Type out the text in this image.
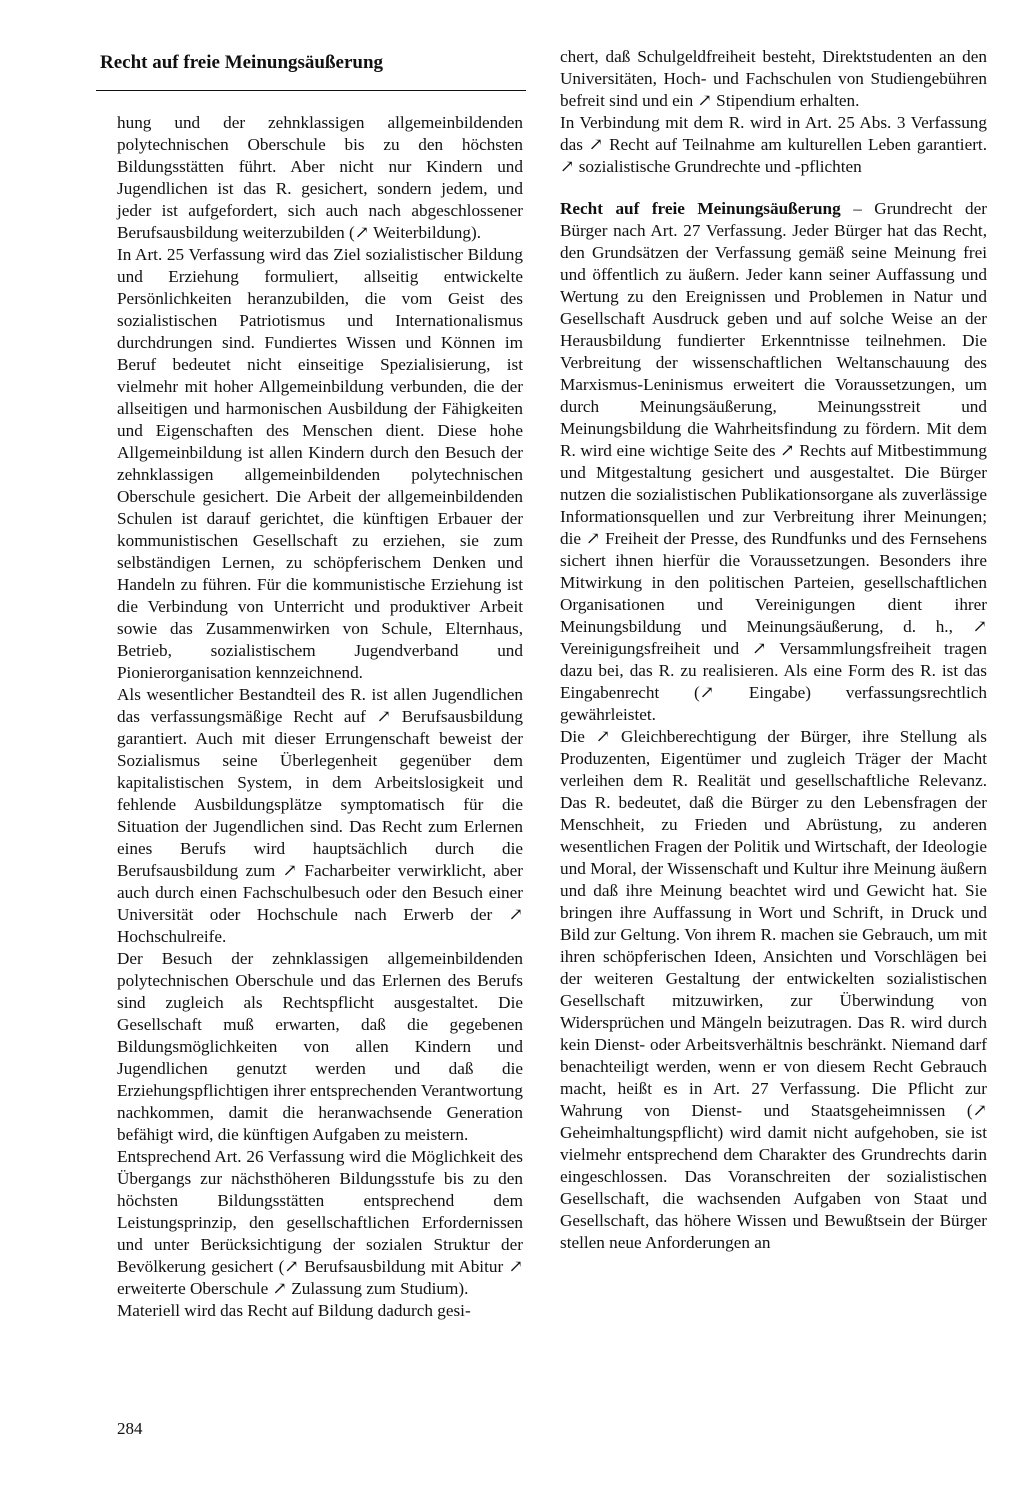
Recht auf freie Meinungsäußerung

hung und der zehnklassigen allgemeinbildenden polytechnischen Oberschule bis zu den höchsten Bildungsstätten führt. Aber nicht nur Kindern und Jugendlichen ist das R. gesichert, sondern jedem, und jeder ist aufgefordert, sich auch nach abgeschlossener Berufsausbildung weiterzubilden (↗ Weiterbildung).

In Art. 25 Verfassung wird das Ziel sozialistischer Bildung und Erziehung formuliert, allseitig entwickelte Persönlichkeiten heranzubilden, die vom Geist des sozialistischen Patriotismus und Internationalismus durchdrungen sind. Fundiertes Wissen und Können im Beruf bedeutet nicht einseitige Spezialisierung, ist vielmehr mit hoher Allgemeinbildung verbunden, die der allseitigen und harmonischen Ausbildung der Fähigkeiten und Eigenschaften des Menschen dient. Diese hohe Allgemeinbildung ist allen Kindern durch den Besuch der zehnklassigen allgemeinbildenden polytechnischen Oberschule gesichert. Die Arbeit der allgemeinbildenden Schulen ist darauf gerichtet, die künftigen Erbauer der kommunistischen Gesellschaft zu erziehen, sie zum selbständigen Lernen, zu schöpferischem Denken und Handeln zu führen. Für die kommunistische Erziehung ist die Verbindung von Unterricht und produktiver Arbeit sowie das Zusammenwirken von Schule, Elternhaus, Betrieb, sozialistischem Jugendverband und Pionierorganisation kennzeichnend.

Als wesentlicher Bestandteil des R. ist allen Jugendlichen das verfassungsmäßige Recht auf ↗ Berufsausbildung garantiert. Auch mit dieser Errungenschaft beweist der Sozialismus seine Überlegenheit gegenüber dem kapitalistischen System, in dem Arbeitslosigkeit und fehlende Ausbildungsplätze symptomatisch für die Situation der Jugendlichen sind. Das Recht zum Erlernen eines Berufs wird hauptsächlich durch die Berufsausbildung zum ↗ Facharbeiter verwirklicht, aber auch durch einen Fachschulbesuch oder den Besuch einer Universität oder Hochschule nach Erwerb der ↗ Hochschulreife.

Der Besuch der zehnklassigen allgemeinbildenden polytechnischen Oberschule und das Erlernen des Berufs sind zugleich als Rechtspflicht ausgestaltet. Die Gesellschaft muß erwarten, daß die gegebenen Bildungsmöglichkeiten von allen Kindern und Jugendlichen genutzt werden und daß die Erziehungspflichtigen ihrer entsprechenden Verantwortung nachkommen, damit die heranwachsende Generation befähigt wird, die künftigen Aufgaben zu meistern.

Entsprechend Art. 26 Verfassung wird die Möglichkeit des Übergangs zur nächsthöheren Bildungsstufe bis zu den höchsten Bildungsstätten entsprechend dem Leistungsprinzip, den gesellschaftlichen Erfordernissen und unter Berücksichtigung der sozialen Struktur der Bevölkerung gesichert (↗ Berufsausbildung mit Abitur ↗ erweiterte Oberschule ↗ Zulassung zum Studium).

Materiell wird das Recht auf Bildung dadurch gesi-

chert, daß Schulgeldfreiheit besteht, Direktstudenten an den Universitäten, Hoch- und Fachschulen von Studiengebühren befreit sind und ein ↗ Stipendium erhalten.

In Verbindung mit dem R. wird in Art. 25 Abs. 3 Verfassung das ↗ Recht auf Teilnahme am kulturellen Leben garantiert. ↗ sozialistische Grundrechte und -pflichten

Recht auf freie Meinungsäußerung – Grundrecht der Bürger nach Art. 27 Verfassung. Jeder Bürger hat das Recht, den Grundsätzen der Verfassung gemäß seine Meinung frei und öffentlich zu äußern. Jeder kann seiner Auffassung und Wertung zu den Ereignissen und Problemen in Natur und Gesellschaft Ausdruck geben und auf solche Weise an der Herausbildung fundierter Erkenntnisse teilnehmen. Die Verbreitung der wissenschaftlichen Weltanschauung des Marxismus-Leninismus erweitert die Voraussetzungen, um durch Meinungsäußerung, Meinungsstreit und Meinungsbildung die Wahrheitsfindung zu fördern. Mit dem R. wird eine wichtige Seite des ↗ Rechts auf Mitbestimmung und Mitgestaltung gesichert und ausgestaltet. Die Bürger nutzen die sozialistischen Publikationsorgane als zuverlässige Informationsquellen und zur Verbreitung ihrer Meinungen; die ↗ Freiheit der Presse, des Rundfunks und des Fernsehens sichert ihnen hierfür die Voraussetzungen. Besonders ihre Mitwirkung in den politischen Parteien, gesellschaftlichen Organisationen und Vereinigungen dient ihrer Meinungsbildung und Meinungsäußerung, d. h., ↗ Vereinigungsfreiheit und ↗ Versammlungsfreiheit tragen dazu bei, das R. zu realisieren. Als eine Form des R. ist das Eingabenrecht (↗ Eingabe) verfassungsrechtlich gewährleistet.

Die ↗ Gleichberechtigung der Bürger, ihre Stellung als Produzenten, Eigentümer und zugleich Träger der Macht verleihen dem R. Realität und gesellschaftliche Relevanz. Das R. bedeutet, daß die Bürger zu den Lebensfragen der Menschheit, zu Frieden und Abrüstung, zu anderen wesentlichen Fragen der Politik und Wirtschaft, der Ideologie und Moral, der Wissenschaft und Kultur ihre Meinung äußern und daß ihre Meinung beachtet wird und Gewicht hat. Sie bringen ihre Auffassung in Wort und Schrift, in Druck und Bild zur Geltung. Von ihrem R. machen sie Gebrauch, um mit ihren schöpferischen Ideen, Ansichten und Vorschlägen bei der weiteren Gestaltung der entwickelten sozialistischen Gesellschaft mitzuwirken, zur Überwindung von Widersprüchen und Mängeln beizutragen. Das R. wird durch kein Dienst- oder Arbeitsverhältnis beschränkt. Niemand darf benachteiligt werden, wenn er von diesem Recht Gebrauch macht, heißt es in Art. 27 Verfassung. Die Pflicht zur Wahrung von Dienst- und Staatsgeheimnissen (↗ Geheimhaltungspflicht) wird damit nicht aufgehoben, sie ist vielmehr entsprechend dem Charakter des Grundrechts darin eingeschlossen. Das Voranschreiten der sozialistischen Gesellschaft, die wachsenden Aufgaben von Staat und Gesellschaft, das höhere Wissen und Bewußtsein der Bürger stellen neue Anforderungen an

284
